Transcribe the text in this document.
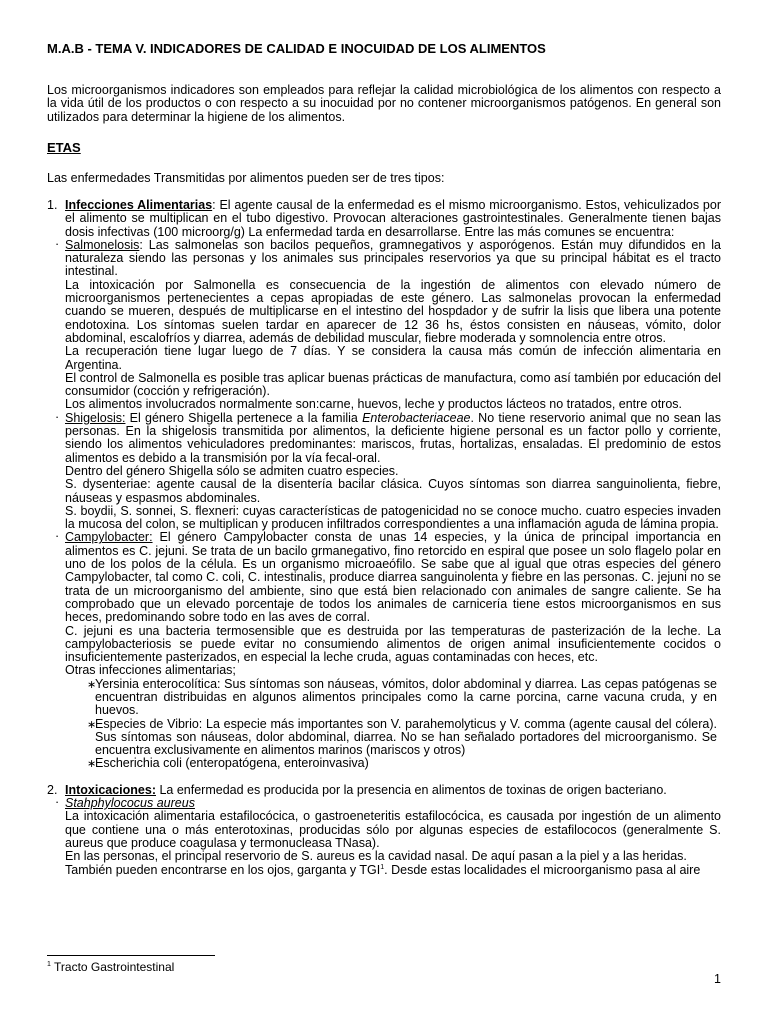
M.A.B - TEMA V. INDICADORES DE CALIDAD E INOCUIDAD DE LOS ALIMENTOS

Los microorganismos indicadores son empleados para reflejar la calidad microbiológica de los alimentos con respecto a la vida útil de los productos o con respecto a su inocuidad por no contener microorganismos patógenos. En general son utilizados para determinar la higiene de los alimentos.

ETAS
Las enfermedades Transmitidas por alimentos pueden ser de tres tipos:

1. Infecciones Alimentarias: El agente causal de la enfermedad es el mismo microorganismo. Estos, vehiculizados por el alimento se multiplican en el tubo digestivo. Provocan alteraciones gastrointestinales. Generalmente tienen bajas dosis infectivas (100 microorg/g) La enfermedad tarda en desarrollarse. Entre las más comunes se encuentra:

· Salmonelosis: Las salmonelas son bacilos pequeños, gramnegativos y asporógenos. Están muy difundidos en la naturaleza siendo las personas y los animales sus principales reservorios ya que su principal hábitat es el tracto intestinal.

La intoxicación por Salmonella es consecuencia de la ingestión de alimentos con elevado número de microorganismos pertenecientes a cepas apropiadas de este género. Las salmonelas provocan la enfermedad cuando se mueren, después de multiplicarse en el intestino del hospdador y de sufrir la lisis que libera una potente endotoxina. Los síntomas suelen tardar en aparecer de 12 36 hs, éstos consisten en náuseas, vómito, dolor abdominal, escalofríos y diarrea, además de debilidad muscular, fiebre moderada y somnolencia entre otros.

La recuperación tiene lugar luego de 7 días. Y se considera la causa más común de infección alimentaria en Argentina.

El control de Salmonella es posible tras aplicar buenas prácticas de manufactura, como así también por educación del consumidor (cocción y refrigeración).

Los alimentos involucrados normalmente son:carne, huevos, leche y productos lácteos no tratados, entre otros.

· Shigelosis: El género Shigella pertenece a la familia Enterobacteriaceae. No tiene reservorio animal que no sean las personas. En la shigelosis transmitida por alimentos, la deficiente higiene personal es un factor pollo y corriente, siendo los alimentos vehiculadores predominantes: mariscos, frutas, hortalizas, ensaladas. El predominio de estos alimentos es debido a la transmisión por la vía fecal-oral.

Dentro del género Shigella sólo se admiten cuatro especies.

S. dysenteriae: agente causal de la disentería bacilar clásica. Cuyos síntomas son diarrea sanguinolienta, fiebre, náuseas y espasmos abdominales.

S. boydii, S. sonnei, S. flexneri: cuyas características de patogenicidad no se conoce mucho. cuatro especies invaden la mucosa del colon, se multiplican y producen infiltrados correspondientes a una inflamación aguda de lámina propia.

· Campylobacter: El género Campylobacter consta de unas 14 especies, y la única de principal importancia en alimentos es C. jejuni. Se trata de un bacilo grmanegativo, fino retorcido en espiral que posee un solo flagelo polar en uno de los polos de la célula. Es un organismo microaeófilo. Se sabe que al igual que otras especies del género Campylobacter, tal como C. coli, C. intestinalis, produce diarrea sanguinolenta y fiebre en las personas. C. jejuni no se trata de un microorganismo del ambiente, sino que está bien relacionado con animales de sangre caliente. Se ha comprobado que un elevado porcentaje de todos los animales de carnicería tiene estos microorganismos en sus heces, predominando sobre todo en las aves de corral.

C. jejuni es una bacteria termosensible que es destruida por las temperaturas de pasterización de la leche. La campylobacteriosis se puede evitar no consumiendo alimentos de origen animal insuficientemente cocidos o insuficientemente pasterizados, en especial la leche cruda, aguas contaminadas con heces, etc.

Otras infecciones alimentarias;

∗
Yersinia enterocolítica: Sus síntomas son náuseas, vómitos, dolor abdominal y diarrea. Las cepas patógenas se encuentran distribuidas en algunos alimentos principales como la carne porcina, carne vacuna cruda, y en huevos.

∗
Especies de Vibrio: La especie más importantes son V. parahemolyticus y V. comma (agente causal del cólera). Sus síntomas son náuseas, dolor abdominal, diarrea. No se han señalado portadores del microorganismo. Se encuentra exclusivamente en alimentos marinos (mariscos y otros)

∗
Escherichia coli (enteropatógena, enteroinvasiva)

2. Intoxicaciones: La enfermedad es producida por la presencia en alimentos de toxinas de origen bacteriano.

· Stahphylococus aureus

La intoxicación alimentaria estafilocócica, o gastroeneteritis estafilocócica, es causada por ingestión de un alimento que contiene una o más enterotoxinas, producidas sólo por algunas especies de estafilococos (generalmente S. aureus que produce coagulasa y termonucleasa TNasa).

En las personas, el principal reservorio de S. aureus es la cavidad nasal. De aquí pasan a la piel y a las heridas.

También pueden encontrarse en los ojos, garganta y TGI$^1$. Desde estas localidades el microorganismo pasa al aire

$^1$ Tracto Gastrointestinal
1
